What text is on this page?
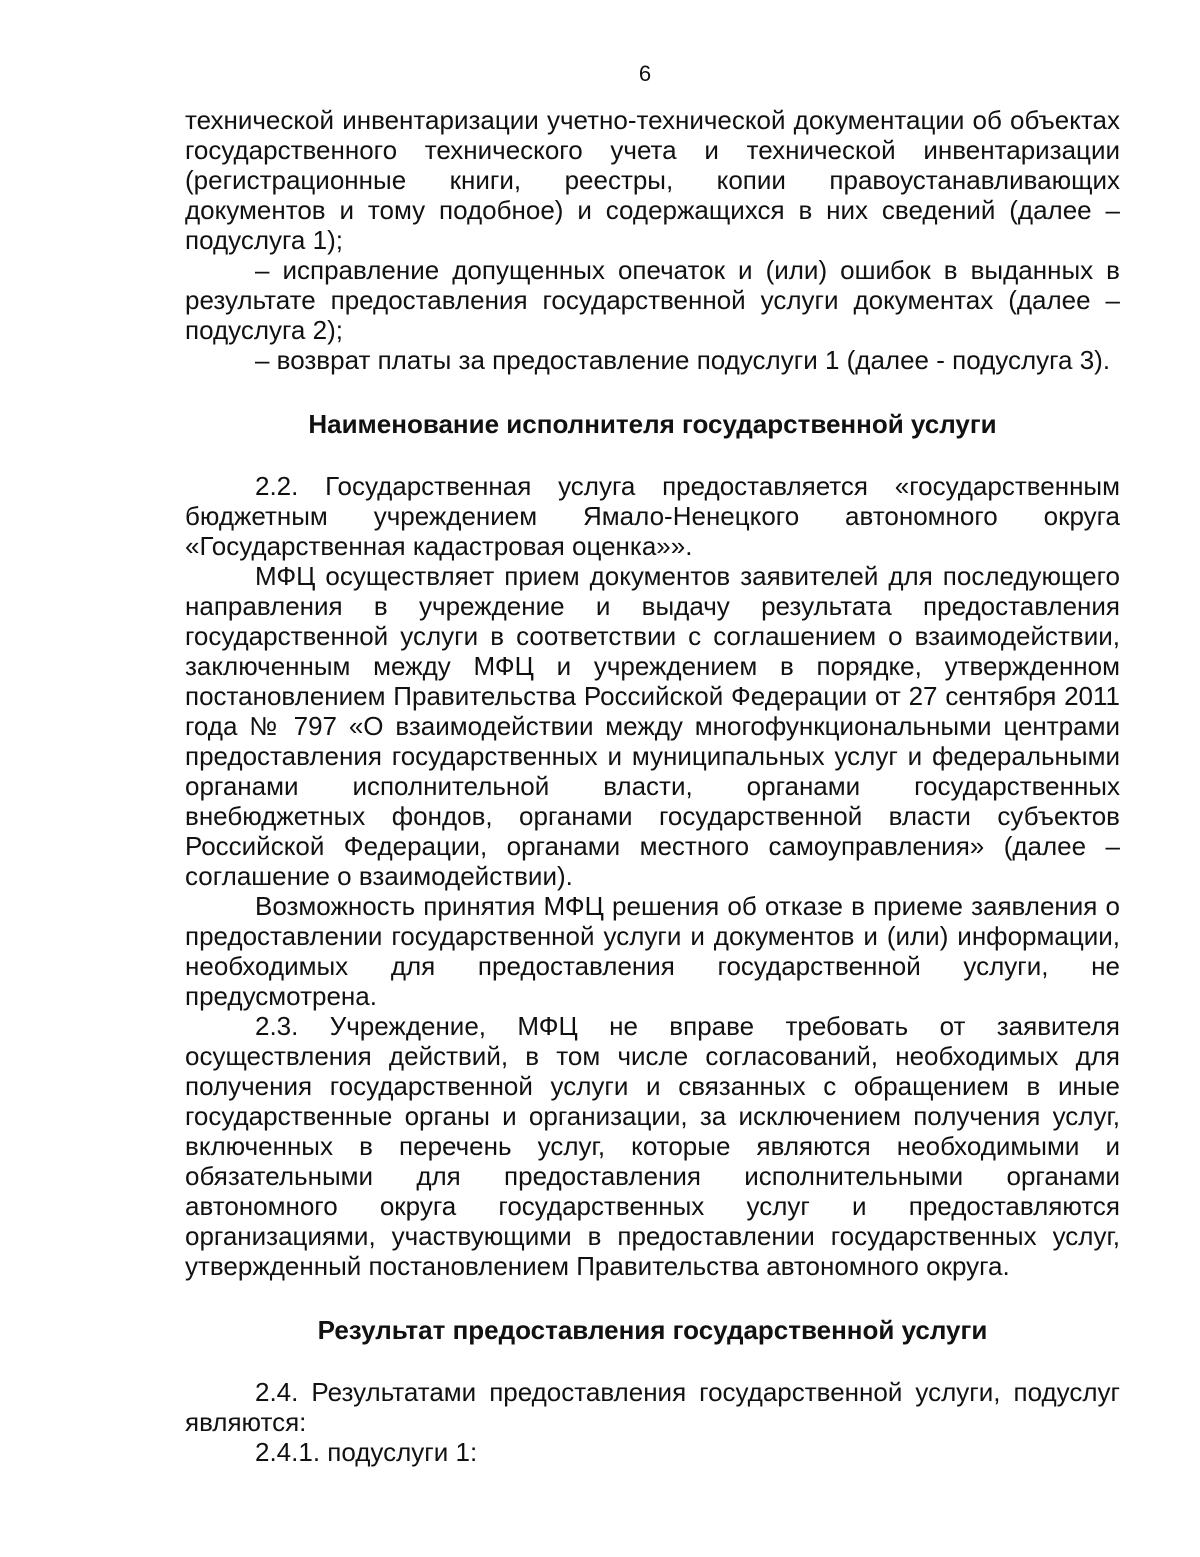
6

технической инвентаризации учетно-технической документации об объектах государственного технического учета и технической инвентаризации (регистрационные книги, реестры, копии правоустанавливающих документов и тому подобное) и содержащихся в них сведений (далее – подуслуга 1);

– исправление допущенных опечаток и (или) ошибок в выданных в результате предоставления государственной услуги документах (далее – подуслуга 2);

– возврат платы за предоставление подуслуги 1 (далее - подуслуга 3).

Наименование исполнителя государственной услуги

2.2. Государственная услуга предоставляется «государственным бюджетным учреждением Ямало-Ненецкого автономного округа «Государственная кадастровая оценка»».

МФЦ осуществляет прием документов заявителей для последующего направления в учреждение и выдачу результата предоставления государственной услуги в соответствии с соглашением о взаимодействии, заключенным между МФЦ и учреждением в порядке, утвержденном постановлением Правительства Российской Федерации от 27 сентября 2011 года № 797 «О взаимодействии между многофункциональными центрами предоставления государственных и муниципальных услуг и федеральными органами исполнительной власти, органами государственных внебюджетных фондов, органами государственной власти субъектов Российской Федерации, органами местного самоуправления» (далее – соглашение о взаимодействии).

Возможность принятия МФЦ решения об отказе в приеме заявления о предоставлении государственной услуги и документов и (или) информации, необходимых для предоставления государственной услуги, не предусмотрена.

2.3. Учреждение, МФЦ не вправе требовать от заявителя осуществления действий, в том числе согласований, необходимых для получения государственной услуги и связанных с обращением в иные государственные органы и организации, за исключением получения услуг, включенных в перечень услуг, которые являются необходимыми и обязательными для предоставления исполнительными органами автономного округа государственных услуг и предоставляются организациями, участвующими в предоставлении государственных услуг, утвержденный постановлением Правительства автономного округа.

Результат предоставления государственной услуги

2.4. Результатами предоставления государственной услуги, подуслуг являются:

2.4.1. подуслуги 1:
